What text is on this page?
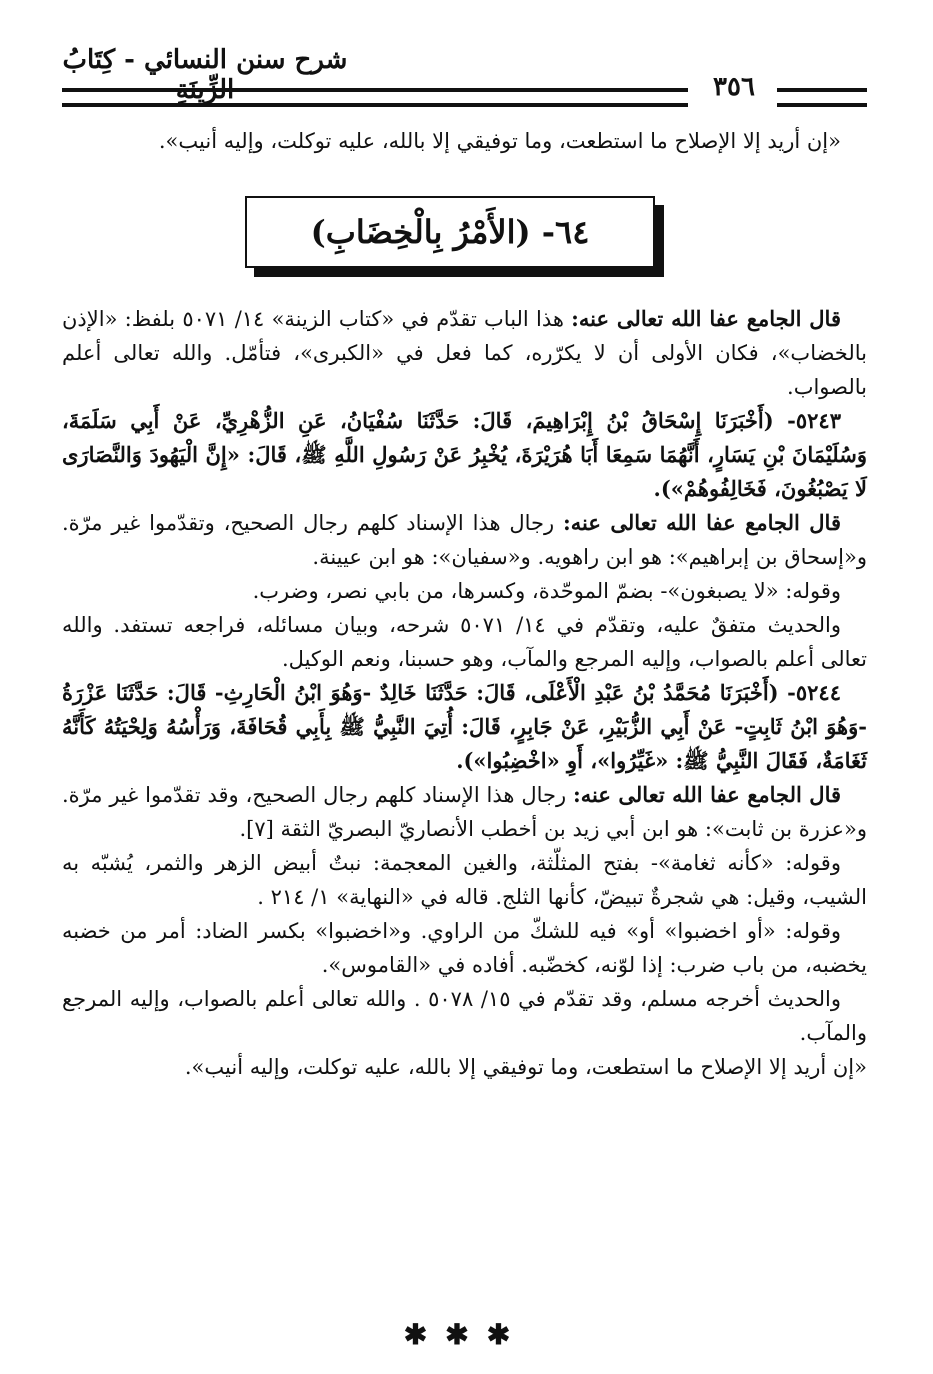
شرح سنن النسائي - كِتَابُ الزِّينَةِ	٣٥٦

«إن أريد إلا الإصلاح ما استطعت، وما توفيقي إلا بالله، عليه توكلت، وإليه أنيب».

٦٤- (الأَمْرُ بِالْخِضَابِ)

قال الجامع عفا الله تعالى عنه: هذا الباب تقدّم في «كتاب الزينة» ١٤/ ٥٠٧١ بلفظ: «الإذن بالخضاب»، فكان الأولى أن لا يكرّره، كما فعل في «الكبرى»، فتأمّل. والله تعالى أعلم بالصواب.

٥٢٤٣- (أَخْبَرَنَا إِسْحَاقُ بْنُ إِبْرَاهِيمَ، قَالَ: حَدَّثَنَا سُفْيَانُ، عَنِ الزُّهْرِيِّ، عَنْ أَبِي سَلَمَةَ، وَسُلَيْمَانَ بْنِ يَسَارٍ، أَنَّهُمَا سَمِعَا أَبَا هُرَيْرَةَ، يُخْبِرُ عَنْ رَسُولِ اللَّهِ ﷺ، قَالَ: «إِنَّ الْيَهُودَ وَالنَّصَارَى لَا يَصْبُغُونَ، فَخَالِفُوهُمْ»).

قال الجامع عفا الله تعالى عنه: رجال هذا الإسناد كلهم رجال الصحيح، وتقدّموا غير مرّة. و«إسحاق بن إبراهيم»: هو ابن راهويه. و«سفيان»: هو ابن عيينة.

وقوله: «لا يصبغون»- بضمّ الموحّدة، وكسرها، من بابي نصر، وضرب.

والحديث متفقٌ عليه، وتقدّم في ١٤/ ٥٠٧١ شرحه، وبيان مسائله، فراجعه تستفد. والله تعالى أعلم بالصواب، وإليه المرجع والمآب، وهو حسبنا، ونعم الوكيل.

٥٢٤٤- (أَخْبَرَنَا مُحَمَّدُ بْنُ عَبْدِ الْأَعْلَى، قَالَ: حَدَّثَنَا خَالِدٌ -وَهُوَ ابْنُ الْحَارِثِ- قَالَ: حَدَّثَنَا عَزْرَةُ -وَهُوَ ابْنُ ثَابِتٍ- عَنْ أَبِي الزُّبَيْرِ، عَنْ جَابِرٍ، قَالَ: أُتِيَ النَّبِيُّ ﷺ بِأَبِي قُحَافَةَ، وَرَأْسُهُ وَلِحْيَتُهُ كَأَنَّهُ ثَغَامَةٌ، فَقَالَ النَّبِيُّ ﷺ: «غَيِّرُوا»، أَوِ «اخْضِبُوا»).

قال الجامع عفا الله تعالى عنه: رجال هذا الإسناد كلهم رجال الصحيح، وقد تقدّموا غير مرّة. و«عزرة بن ثابت»: هو ابن أبي زيد بن أخطب الأنصاريّ البصريّ الثقة [٧].

وقوله: «كأنه ثغامة»- بفتح المثلّثة، والغين المعجمة: نبتٌ أبيض الزهر والثمر، يُشبّه به الشيب، وقيل: هي شجرةٌ تبيضّ، كأنها الثلج. قاله في «النهاية» ١/ ٢١٤ .

وقوله: «أو اخضبوا» أو» فيه للشكّ من الراوي. و«اخضبوا» بكسر الضاد: أمر من خضبه يخضبه، من باب ضرب: إذا لوّنه، كخضّبه. أفاده في «القاموس».

والحديث أخرجه مسلم، وقد تقدّم في ١٥/ ٥٠٧٨ . والله تعالى أعلم بالصواب، وإليه المرجع والمآب.

«إن أريد إلا الإصلاح ما استطعت، وما توفيقي إلا بالله، عليه توكلت، وإليه أنيب».

✱✱✱
